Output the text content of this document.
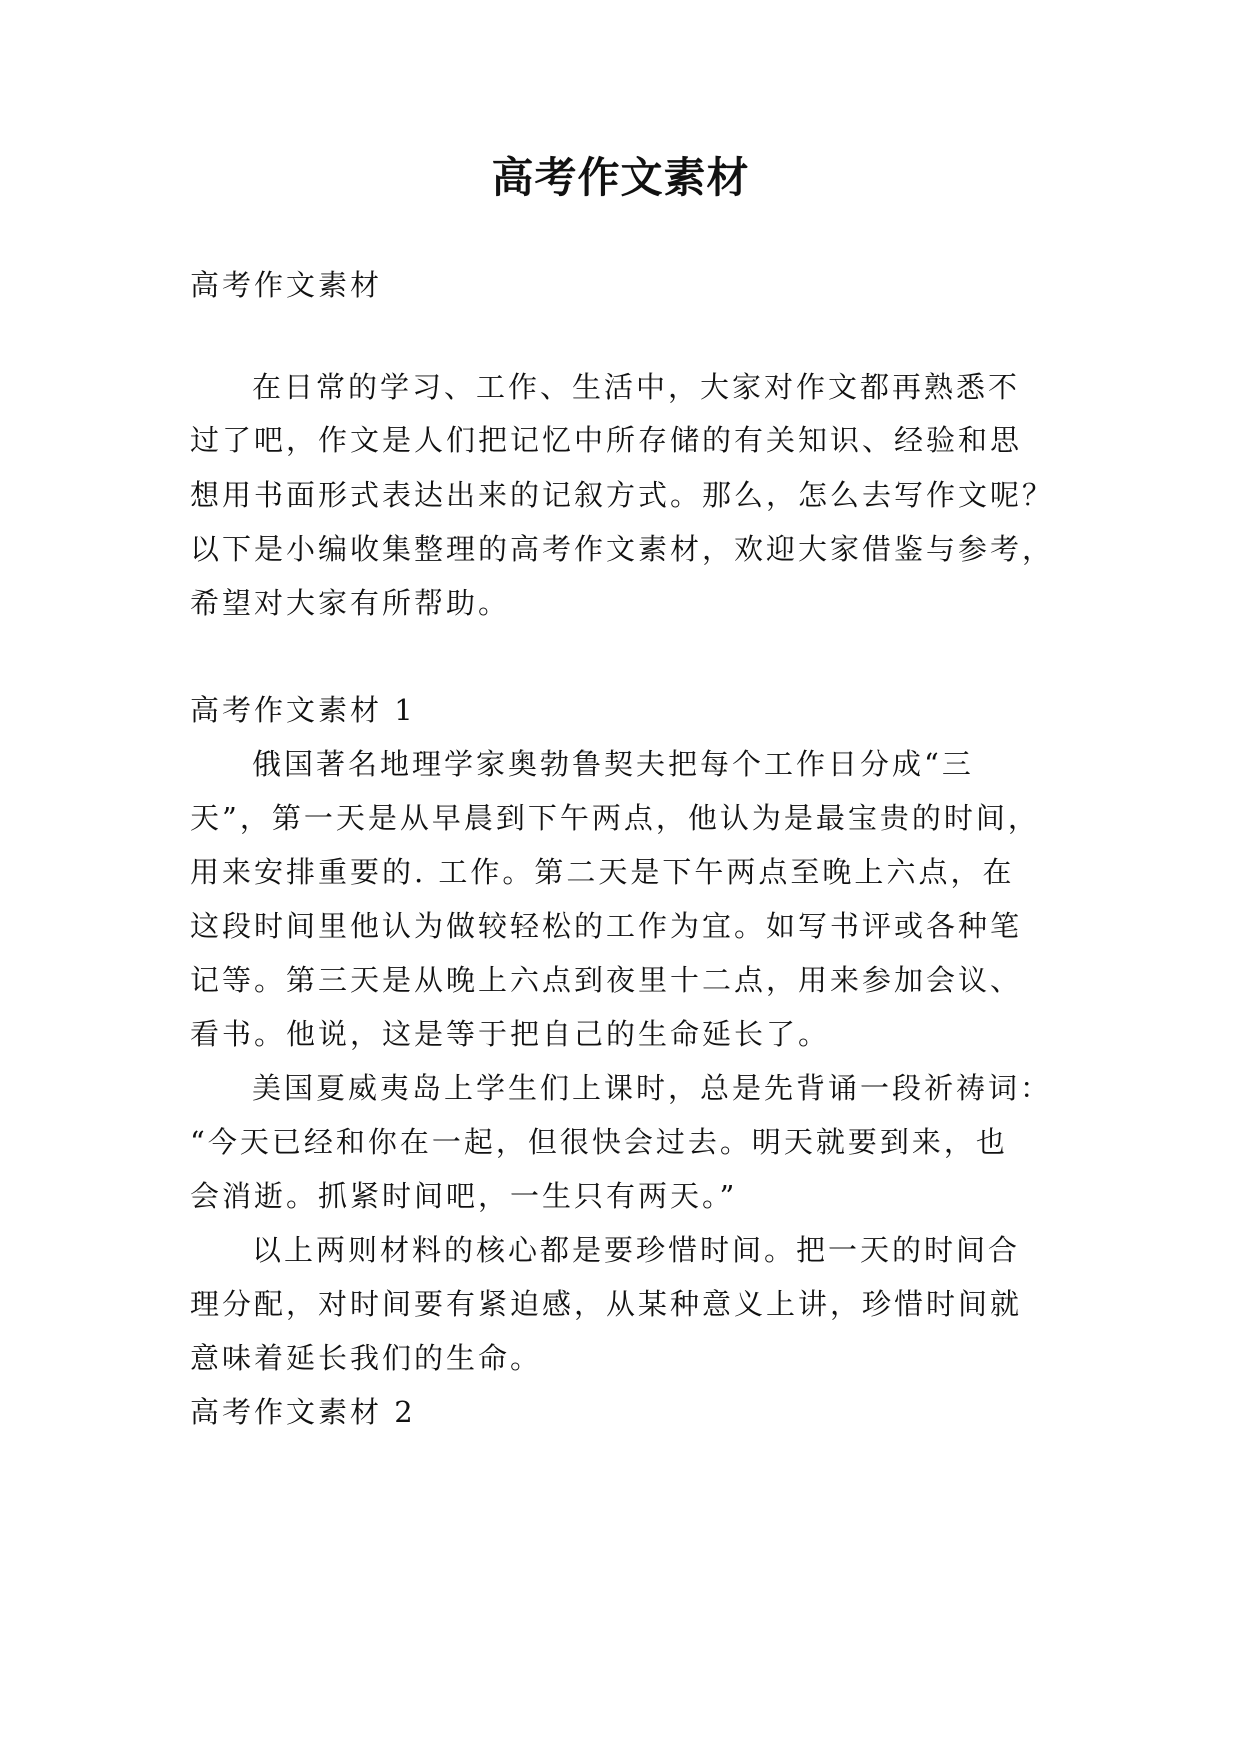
高考作文素材
高考作文素材
在日常的学习、工作、生活中，大家对作文都再熟悉不
过了吧，作文是人们把记忆中所存储的有关知识、经验和思
想用书面形式表达出来的记叙方式。那么，怎么去写作文呢？
以下是小编收集整理的高考作文素材，欢迎大家借鉴与参考，
希望对大家有所帮助。
高考作文素材 1
俄国著名地理学家奥勃鲁契夫把每个工作日分成“三
天”，第一天是从早晨到下午两点，他认为是最宝贵的时间，
用来安排重要的. 工作。第二天是下午两点至晚上六点，在
这段时间里他认为做较轻松的工作为宜。如写书评或各种笔
记等。第三天是从晚上六点到夜里十二点，用来参加会议、
看书。他说，这是等于把自己的生命延长了。
美国夏威夷岛上学生们上课时，总是先背诵一段祈祷词：
“今天已经和你在一起，但很快会过去。明天就要到来，也
会消逝。抓紧时间吧，一生只有两天。”
以上两则材料的核心都是要珍惜时间。把一天的时间合
理分配，对时间要有紧迫感，从某种意义上讲，珍惜时间就
意味着延长我们的生命。
高考作文素材 2
